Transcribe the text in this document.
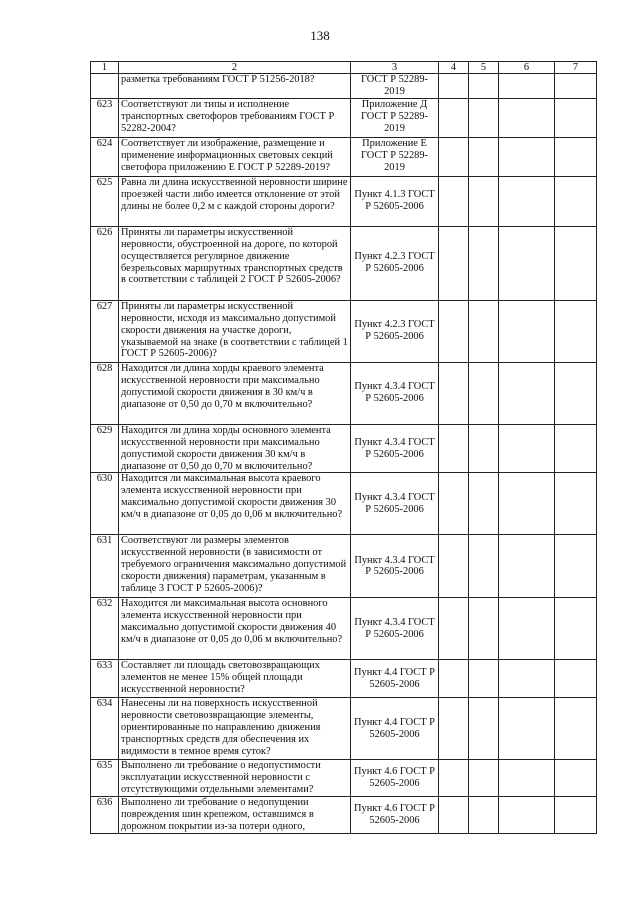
138
1	2	3	4	5	6	7
	разметка требованиям ГОСТ Р 51256-2018?	ГОСТ Р 52289-2019				
623	Соответствуют ли типы и исполнение транспортных светофоров требованиям ГОСТ Р 52282-2004?	Приложение Д ГОСТ Р 52289-2019				
624	Соответствует ли изображение, размещение и применение информационных световых секций светофора приложению Е ГОСТ Р 52289-2019?	Приложение Е ГОСТ Р 52289-2019				
625	Равна ли длина искусственной неровности ширине проезжей части либо имеется отклонение от этой длины не более 0,2 м с каждой стороны дороги?	Пункт 4.1.3 ГОСТ Р 52605-2006				
626	Приняты ли параметры искусственной неровности, обустроенной на дороге, по которой осуществляется регулярное движение безрельсовых маршрутных транспортных средств в соответствии с таблицей 2 ГОСТ Р 52605-2006?	Пункт 4.2.3 ГОСТ Р 52605-2006				
627	Приняты ли параметры искусственной неровности, исходя из максимально допустимой скорости движения на участке дороги, указываемой на знаке (в соответствии с таблицей 1 ГОСТ Р 52605-2006)?	Пункт 4.2.3 ГОСТ Р 52605-2006				
628	Находится ли длина хорды краевого элемента искусственной неровности при максимально допустимой скорости движения в 30 км/ч в диапазоне от 0,50 до 0,70 м включительно?	Пункт 4.3.4 ГОСТ Р 52605-2006				
629	Находится ли длина хорды основного элемента искусственной неровности при максимально допустимой скорости движения 30 км/ч в диапазоне от 0,50 до 0,70 м включительно?	Пункт 4.3.4 ГОСТ Р 52605-2006				
630	Находится ли максимальная высота краевого элемента искусственной неровности при максимально допустимой скорости движения 30 км/ч в диапазоне от 0,05 до 0,06 м включительно?	Пункт 4.3.4 ГОСТ Р 52605-2006				
631	Соответствуют ли размеры элементов искусственной неровности (в зависимости от требуемого ограничения максимально допустимой скорости движения) параметрам, указанным в таблице 3 ГОСТ Р 52605-2006)?	Пункт 4.3.4 ГОСТ Р 52605-2006				
632	Находится ли максимальная высота основного элемента искусственной неровности при максимально допустимой скорости движения 40 км/ч в диапазоне от 0,05 до 0,06 м включительно?	Пункт 4.3.4 ГОСТ Р 52605-2006				
633	Составляет ли площадь световозвращающих элементов не менее 15% общей площади искусственной неровности?	Пункт 4.4 ГОСТ Р 52605-2006				
634	Нанесены ли на поверхность искусственной неровности световозвращающие элементы, ориентированные по направлению движения транспортных средств для обеспечения их видимости в темное время суток?	Пункт 4.4 ГОСТ Р 52605-2006				
635	Выполнено ли требование о недопустимости эксплуатации искусственной неровности с отсутствующими отдельными элементами?	Пункт 4.6 ГОСТ Р 52605-2006				
636	Выполнено ли требование о недопущении повреждения шин крепежом, оставшимся в дорожном покрытии из-за потери одного,	Пункт 4.6 ГОСТ Р 52605-2006				
